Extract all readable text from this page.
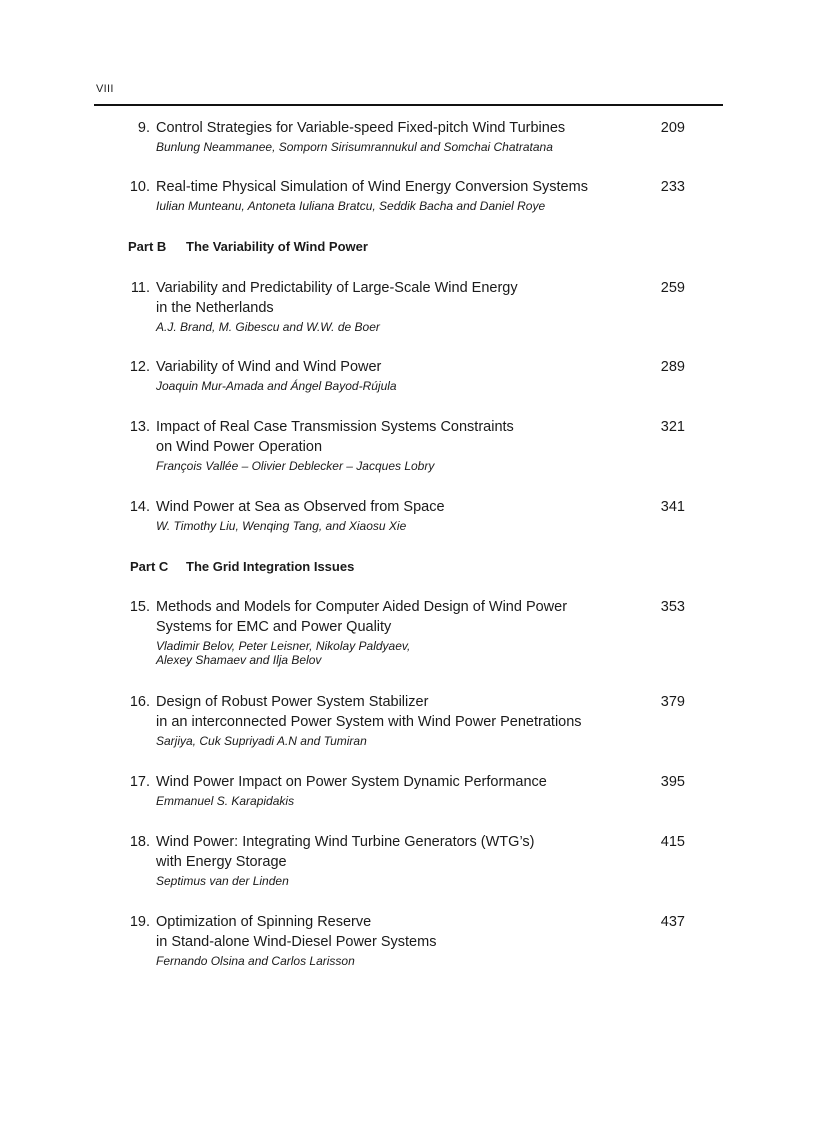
VIII
9. Control Strategies for Variable-speed Fixed-pitch Wind Turbines
Bunlung Neammanee, Somporn Sirisumrannukul and Somchai Chatratana
209
10. Real-time Physical Simulation of Wind Energy Conversion Systems
Iulian Munteanu, Antoneta Iuliana Bratcu, Seddik Bacha and Daniel Roye
233
11. Variability and Predictability of Large-Scale Wind Energy
in the Netherlands
A.J. Brand, M. Gibescu and W.W. de Boer
259
12. Variability of Wind and Wind Power
Joaquin Mur-Amada and Ángel Bayod-Rújula
289
13. Impact of Real Case Transmission Systems Constraints
on Wind Power Operation
François Vallée – Olivier Deblecker – Jacques Lobry
321
14. Wind Power at Sea as Observed from Space
W. Timothy Liu, Wenqing Tang, and Xiaosu Xie
341
15. Methods and Models for Computer Aided Design of Wind Power
Systems for EMC and Power Quality
Vladimir Belov, Peter Leisner, Nikolay Paldyaev,
Alexey Shamaev and Ilja Belov
353
16. Design of Robust Power System Stabilizer
in an interconnected Power System with Wind Power Penetrations
Sarjiya, Cuk Supriyadi A.N and Tumiran
379
17. Wind Power Impact on Power System Dynamic Performance
Emmanuel S. Karapidakis
395
18. Wind Power: Integrating Wind Turbine Generators (WTG’s)
with Energy Storage
Septimus van der Linden
415
19. Optimization of Spinning Reserve
in Stand-alone Wind-Diesel Power Systems
Fernando Olsina and Carlos Larisson
437
Part B The Variability of Wind Power
Part C The Grid Integration Issues
